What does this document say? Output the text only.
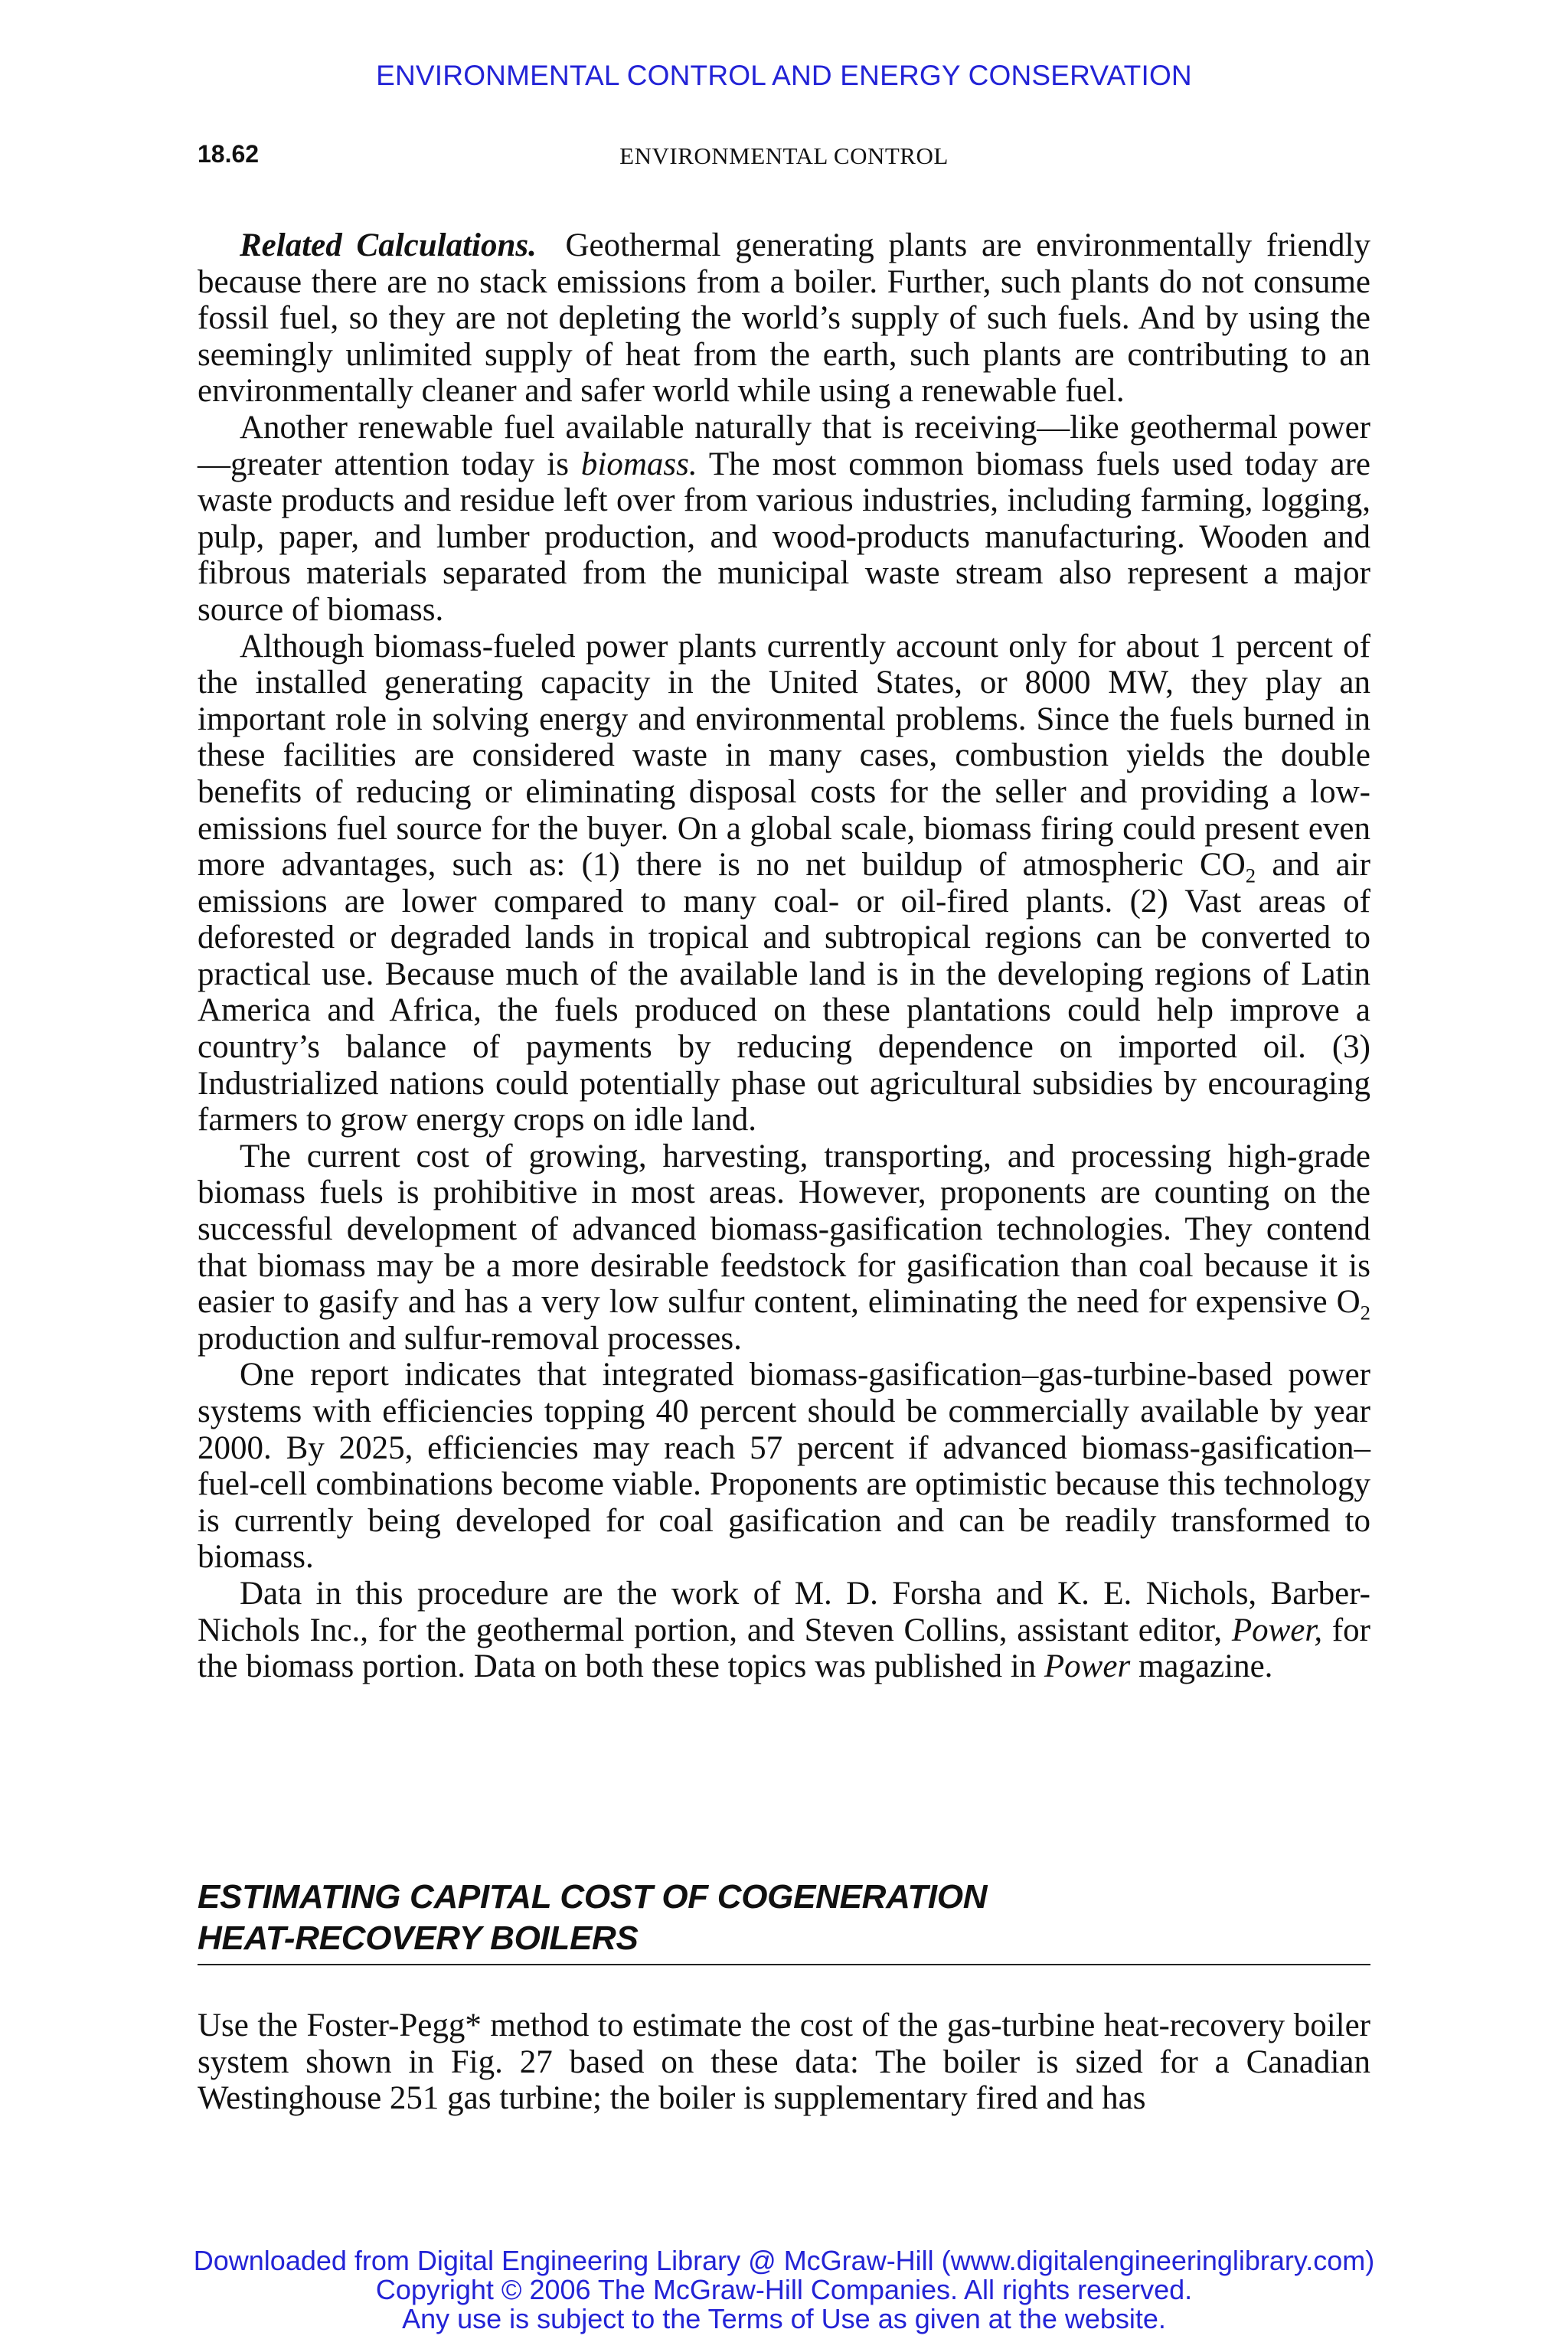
ENVIRONMENTAL CONTROL AND ENERGY CONSERVATION
18.62	ENVIRONMENTAL CONTROL

Related Calculations. Geothermal generating plants are environmentally friendly because there are no stack emissions from a boiler. Further, such plants do not consume fossil fuel, so they are not depleting the world’s supply of such fuels. And by using the seemingly unlimited supply of heat from the earth, such plants are contributing to an environmentally cleaner and safer world while using a renewable fuel.

Another renewable fuel available naturally that is receiving—like geothermal power—greater attention today is biomass. The most common biomass fuels used today are waste products and residue left over from various industries, including farming, logging, pulp, paper, and lumber production, and wood-products manufacturing. Wooden and fibrous materials separated from the municipal waste stream also represent a major source of biomass.

Although biomass-fueled power plants currently account only for about 1 percent of the installed generating capacity in the United States, or 8000 MW, they play an important role in solving energy and environmental problems. Since the fuels burned in these facilities are considered waste in many cases, combustion yields the double benefits of reducing or eliminating disposal costs for the seller and providing a low-emissions fuel source for the buyer. On a global scale, biomass firing could present even more advantages, such as: (1) there is no net buildup of atmospheric $CO_2$ and air emissions are lower compared to many coal- or oil-fired plants. (2) Vast areas of deforested or degraded lands in tropical and subtropical regions can be converted to practical use. Because much of the available land is in the developing regions of Latin America and Africa, the fuels produced on these plantations could help improve a country’s balance of payments by reducing dependence on imported oil. (3) Industrialized nations could potentially phase out agricultural subsidies by encouraging farmers to grow energy crops on idle land.

The current cost of growing, harvesting, transporting, and processing high-grade biomass fuels is prohibitive in most areas. However, proponents are counting on the successful development of advanced biomass-gasification technologies. They contend that biomass may be a more desirable feedstock for gasification than coal because it is easier to gasify and has a very low sulfur content, eliminating the need for expensive $O_2$ production and sulfur-removal processes.

One report indicates that integrated biomass-gasification–gas-turbine-based power systems with efficiencies topping 40 percent should be commercially available by year 2000. By 2025, efficiencies may reach 57 percent if advanced biomass-gasification–fuel-cell combinations become viable. Proponents are optimistic because this technology is currently being developed for coal gasification and can be readily transformed to biomass.

Data in this procedure are the work of M. D. Forsha and K. E. Nichols, Barber-Nichols Inc., for the geothermal portion, and Steven Collins, assistant editor, Power, for the biomass portion. Data on both these topics was published in Power magazine.

ESTIMATING CAPITAL COST OF COGENERATION
HEAT-RECOVERY BOILERS

Use the Foster-Pegg* method to estimate the cost of the gas-turbine heat-recovery boiler system shown in Fig. 27 based on these data: The boiler is sized for a Canadian Westinghouse 251 gas turbine; the boiler is supplementary fired and has

Downloaded from Digital Engineering Library @ McGraw-Hill (www.digitalengineeringlibrary.com)
Copyright © 2006 The McGraw-Hill Companies. All rights reserved.
Any use is subject to the Terms of Use as given at the website.
